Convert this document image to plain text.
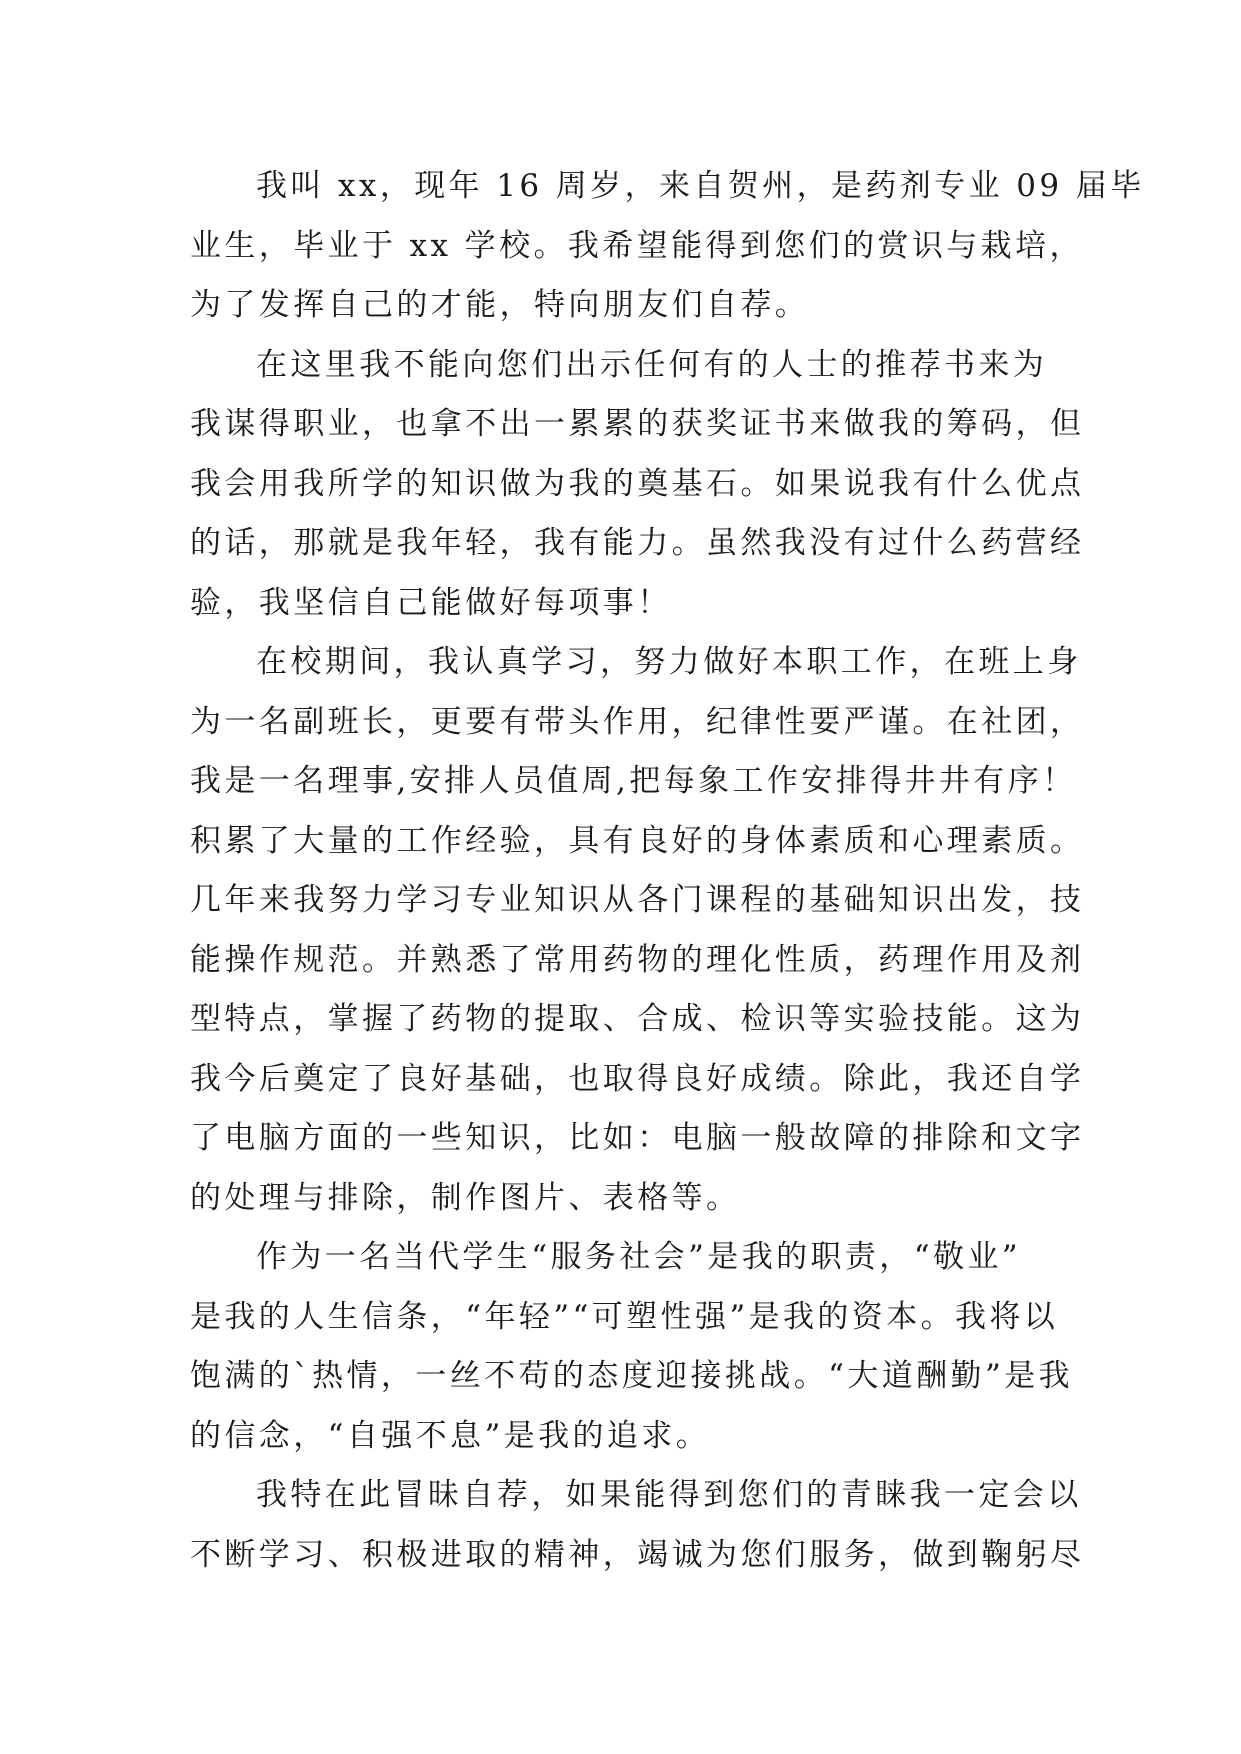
我叫 xx，现年 16 周岁，来自贺州，是药剂专业 09 届毕

业生，毕业于 xx 学校。我希望能得到您们的赏识与栽培，

为了发挥自己的才能，特向朋友们自荐。

在这里我不能向您们出示任何有的人士的推荐书来为

我谋得职业，也拿不出一累累的获奖证书来做我的筹码，但

我会用我所学的知识做为我的奠基石。如果说我有什么优点

的话，那就是我年轻，我有能力。虽然我没有过什么药营经

验，我坚信自己能做好每项事！

在校期间，我认真学习，努力做好本职工作，在班上身

为一名副班长，更要有带头作用，纪律性要严谨。在社团，

我是一名理事,安排人员值周,把每象工作安排得井井有序！

积累了大量的工作经验，具有良好的身体素质和心理素质。

几年来我努力学习专业知识从各门课程的基础知识出发，技

能操作规范。并熟悉了常用药物的理化性质，药理作用及剂

型特点，掌握了药物的提取、合成、检识等实验技能。这为

我今后奠定了良好基础，也取得良好成绩。除此，我还自学

了电脑方面的一些知识，比如：电脑一般故障的排除和文字

的处理与排除，制作图片、表格等。

作为一名当代学生“服务社会”是我的职责，“敬业”

是我的人生信条，“年轻”“可塑性强”是我的资本。我将以

饱满的`热情，一丝不苟的态度迎接挑战。“大道酬勤”是我

的信念，“自强不息”是我的追求。

我特在此冒昧自荐，如果能得到您们的青睐我一定会以

不断学习、积极进取的精神，竭诚为您们服务，做到鞠躬尽
